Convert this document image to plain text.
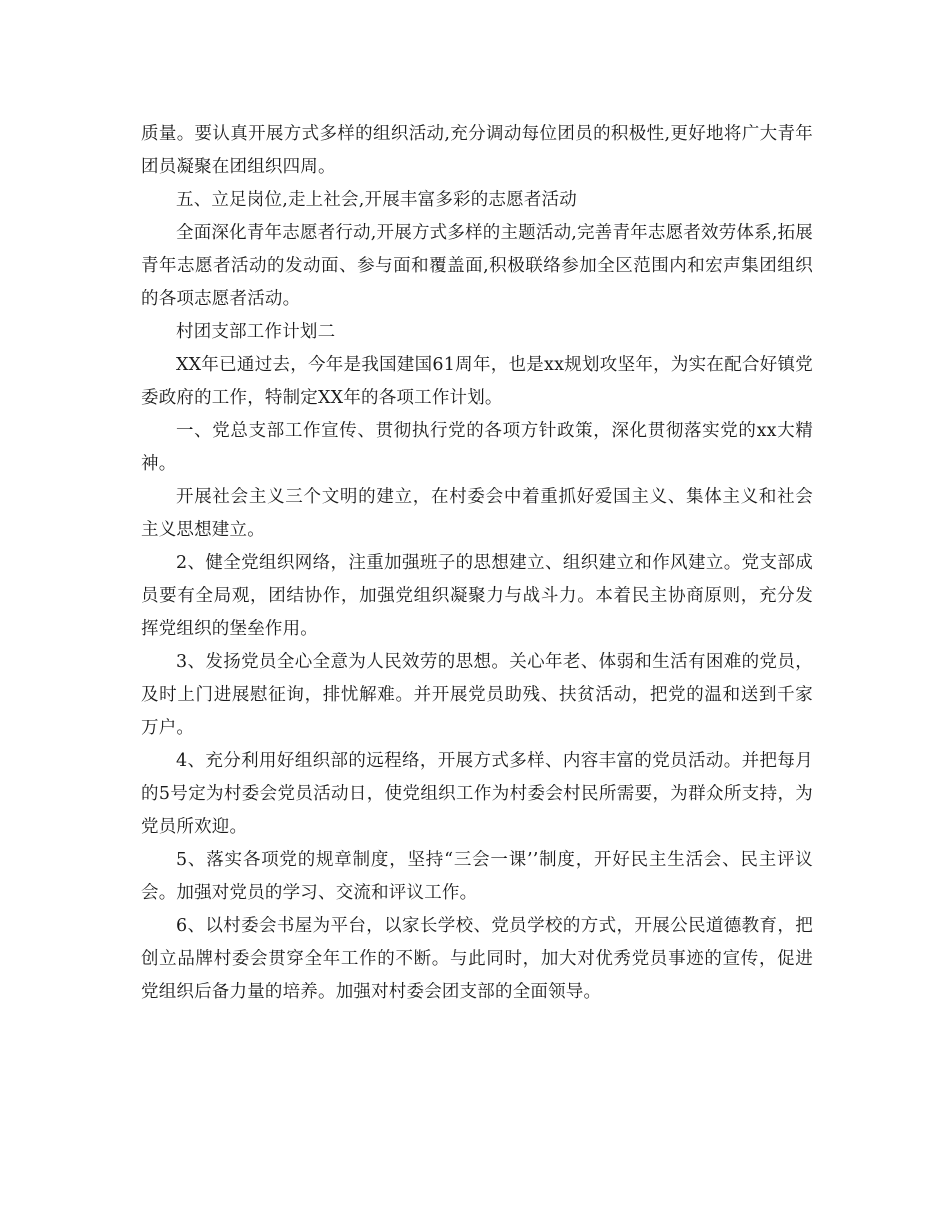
质量。要认真开展方式多样的组织活动,充分调动每位团员的积极性,更好地将广大青年团员凝聚在团组织四周。

五、立足岗位,走上社会,开展丰富多彩的志愿者活动

全面深化青年志愿者行动,开展方式多样的主题活动,完善青年志愿者效劳体系,拓展青年志愿者活动的发动面、参与面和覆盖面,积极联络参加全区范围内和宏声集团组织的各项志愿者活动。

村团支部工作计划二

XX年已通过去，今年是我国建国61周年，也是xx规划攻坚年，为实在配合好镇党委政府的工作，特制定XX年的各项工作计划。

一、党总支部工作宣传、贯彻执行党的各项方针政策，深化贯彻落实党的xx大精神。

开展社会主义三个文明的建立，在村委会中着重抓好爱国主义、集体主义和社会主义思想建立。

2、健全党组织网络，注重加强班子的思想建立、组织建立和作风建立。党支部成员要有全局观，团结协作，加强党组织凝聚力与战斗力。本着民主协商原则，充分发挥党组织的堡垒作用。

3、发扬党员全心全意为人民效劳的思想。关心年老、体弱和生活有困难的党员，及时上门进展慰征询，排忧解难。并开展党员助残、扶贫活动，把党的温和送到千家万户。

4、充分利用好组织部的远程络，开展方式多样、内容丰富的党员活动。并把每月的5号定为村委会党员活动日，使党组织工作为村委会村民所需要，为群众所支持，为党员所欢迎。

5、落实各项党的规章制度，坚持“三会一课’’制度，开好民主生活会、民主评议会。加强对党员的学习、交流和评议工作。

6、以村委会书屋为平台，以家长学校、党员学校的方式，开展公民道德教育，把创立品牌村委会贯穿全年工作的不断。与此同时，加大对优秀党员事迹的宣传，促进党组织后备力量的培养。加强对村委会团支部的全面领导。
